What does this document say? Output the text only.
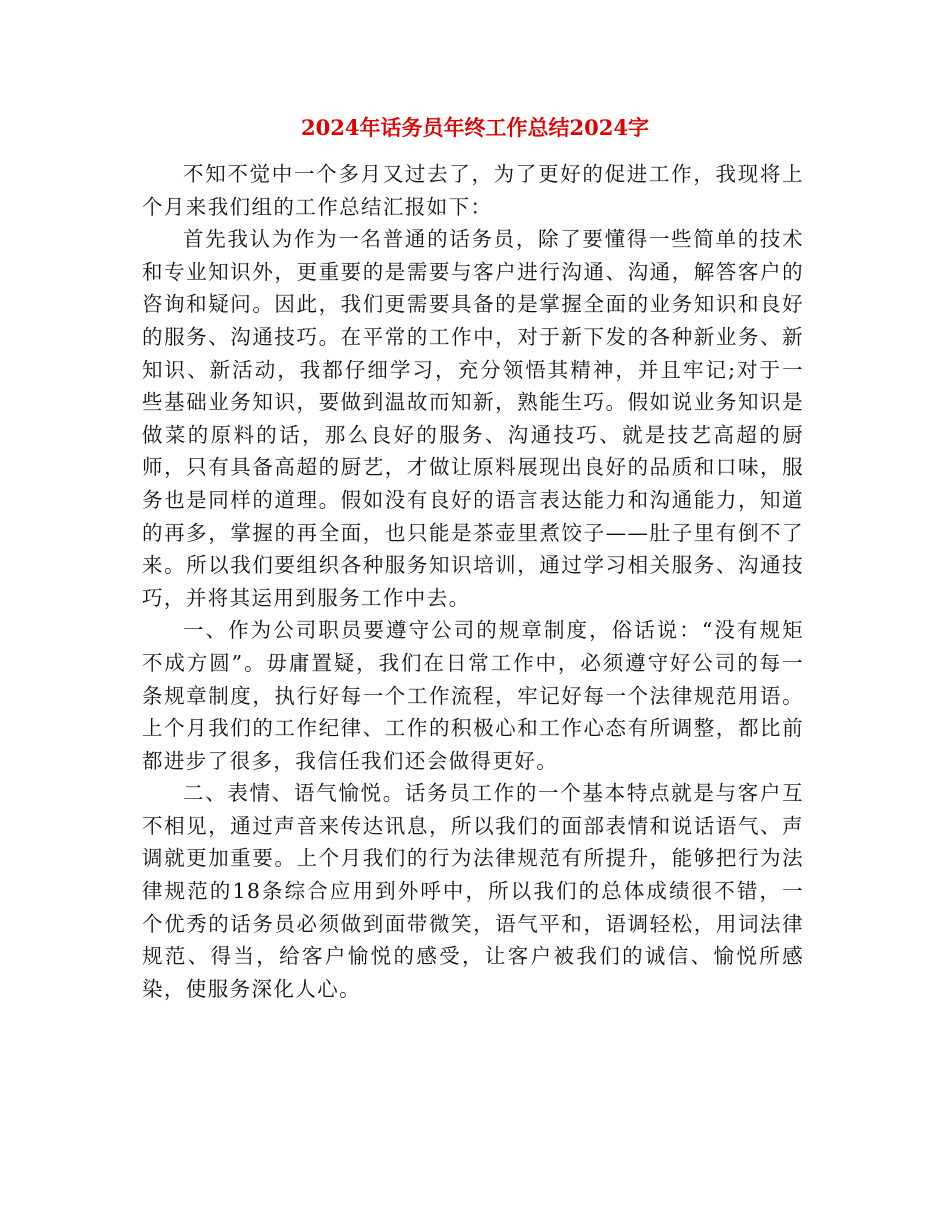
2024年话务员年终工作总结2024字

不知不觉中一个多月又过去了，为了更好的促进工作，我现将上个月来我们组的工作总结汇报如下：

首先我认为作为一名普通的话务员，除了要懂得一些简单的技术和专业知识外，更重要的是需要与客户进行沟通、沟通，解答客户的咨询和疑问。因此，我们更需要具备的是掌握全面的业务知识和良好的服务、沟通技巧。在平常的工作中，对于新下发的各种新业务、新知识、新活动，我都仔细学习，充分领悟其精神，并且牢记;对于一些基础业务知识，要做到温故而知新，熟能生巧。假如说业务知识是做菜的原料的话，那么良好的服务、沟通技巧、就是技艺高超的厨师，只有具备高超的厨艺，才做让原料展现出良好的品质和口味，服务也是同样的道理。假如没有良好的语言表达能力和沟通能力，知道的再多，掌握的再全面，也只能是茶壶里煮饺子——肚子里有倒不了来。所以我们要组织各种服务知识培训，通过学习相关服务、沟通技巧，并将其运用到服务工作中去。

一、作为公司职员要遵守公司的规章制度，俗话说：“没有规矩不成方圆”。毋庸置疑，我们在日常工作中，必须遵守好公司的每一条规章制度，执行好每一个工作流程，牢记好每一个法律规范用语。上个月我们的工作纪律、工作的积极心和工作心态有所调整，都比前都进步了很多，我信任我们还会做得更好。

二、表情、语气愉悦。话务员工作的一个基本特点就是与客户互不相见，通过声音来传达讯息，所以我们的面部表情和说话语气、声调就更加重要。上个月我们的行为法律规范有所提升，能够把行为法律规范的18条综合应用到外呼中，所以我们的总体成绩很不错，一个优秀的话务员必须做到面带微笑，语气平和，语调轻松，用词法律规范、得当，给客户愉悦的感受，让客户被我们的诚信、愉悦所感染，使服务深化人心。
